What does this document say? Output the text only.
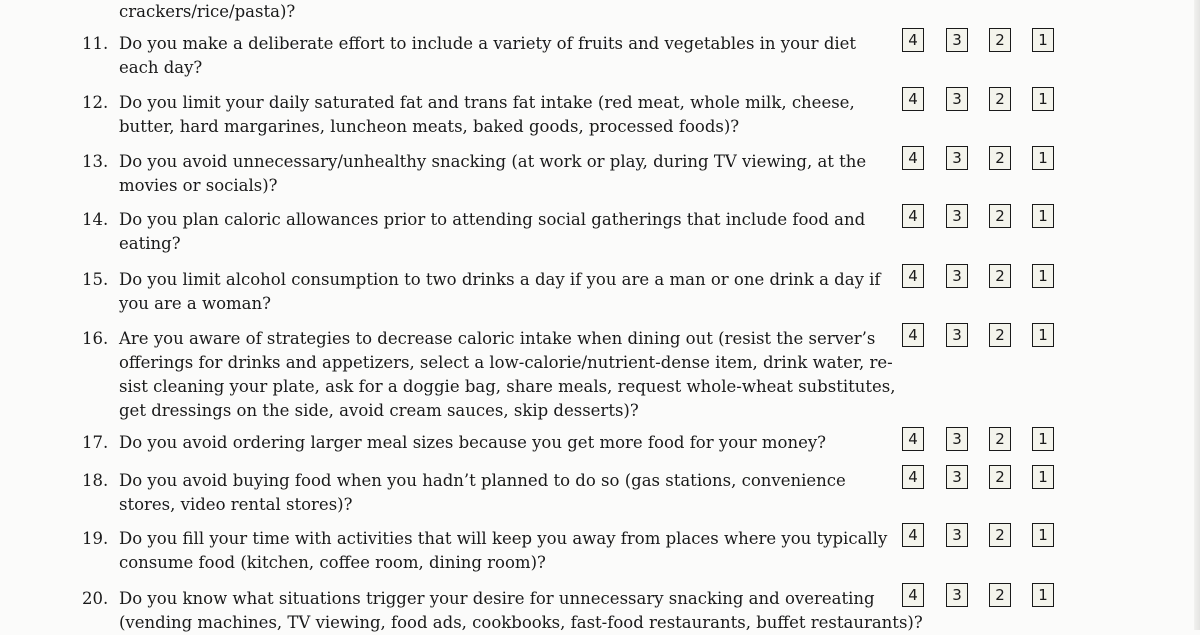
crackers/rice/pasta)?
11. Do you make a deliberate effort to include a variety of fruits and vegetables in your diet
each day?
4	3	2	1
12. Do you limit your daily saturated fat and trans fat intake (red meat, whole milk, cheese,
butter, hard margarines, luncheon meats, baked goods, processed foods)?
4	3	2	1
13. Do you avoid unnecessary/unhealthy snacking (at work or play, during TV viewing, at the
movies or socials)?
4	3	2	1
14. Do you plan caloric allowances prior to attending social gatherings that include food and
eating?
4	3	2	1
15. Do you limit alcohol consumption to two drinks a day if you are a man or one drink a day if
you are a woman?
4	3	2	1
16. Are you aware of strategies to decrease caloric intake when dining out (resist the server’s
offerings for drinks and appetizers, select a low-calorie/nutrient-dense item, drink water, re-
sist cleaning your plate, ask for a doggie bag, share meals, request whole-wheat substitutes,
get dressings on the side, avoid cream sauces, skip desserts)?
4	3	2	1
17. Do you avoid ordering larger meal sizes because you get more food for your money?	4	3	2	1
18. Do you avoid buying food when you hadn’t planned to do so (gas stations, convenience
stores, video rental stores)?
4	3	2	1
19. Do you fill your time with activities that will keep you away from places where you typically
consume food (kitchen, coffee room, dining room)?
4	3	2	1
20. Do you know what situations trigger your desire for unnecessary snacking and overeating
(vending machines, TV viewing, food ads, cookbooks, fast-food restaurants, buffet restaurants)?
4	3	2	1
